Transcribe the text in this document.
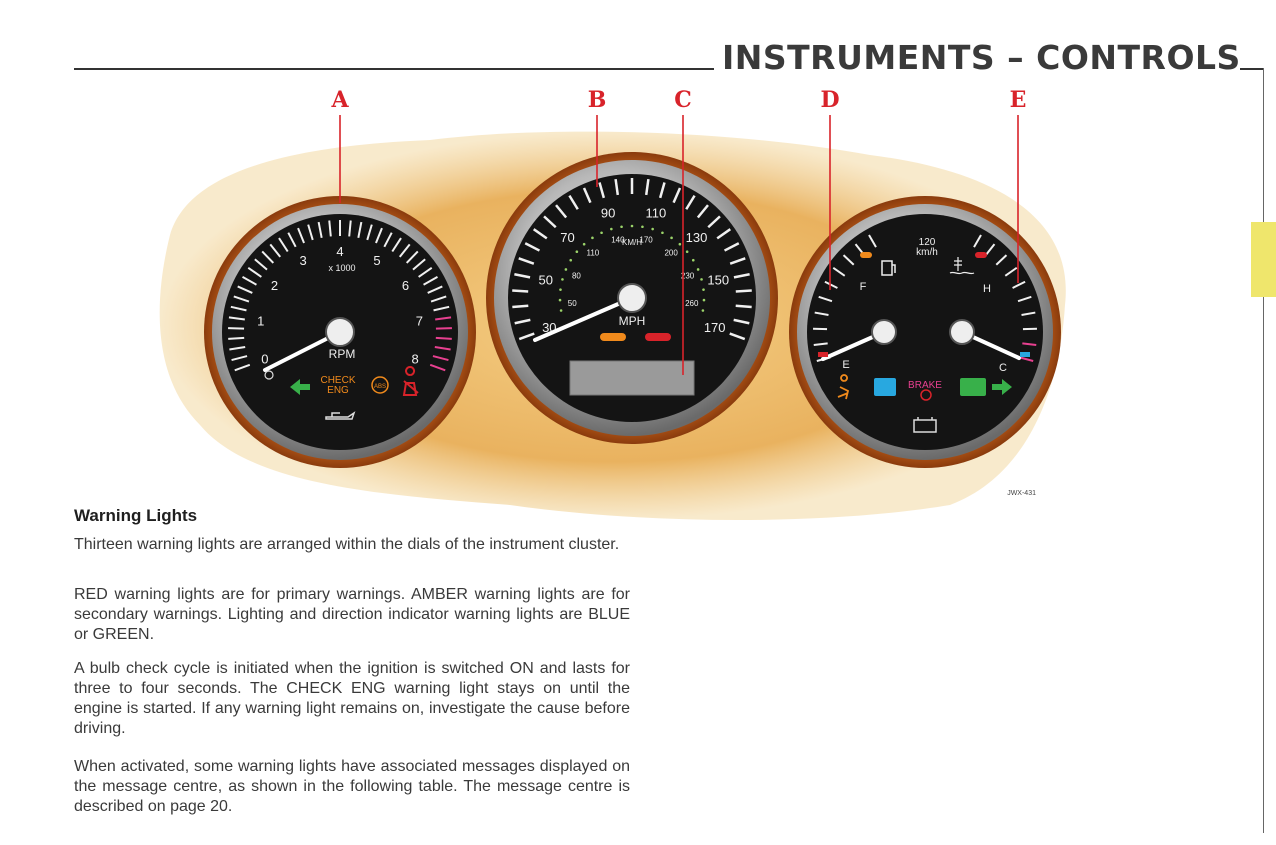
INSTRUMENTS – CONTROLS
0
1
2
3
4
5
6
7
8
x 1000
RPM
CHECK
ENG	ABS
30
50
70
90 110
130
150
170
50
80
110
140 170
200
230
260
KM/H
MPH
F
E
H
C
120
km/h
BRAKE
A	B	C	D	E
JWX-431
Warning Lights
Thirteen warning lights are arranged within the dials of the instrument cluster.
RED warning lights are for primary warnings. AMBER warning lights are for secondary warnings. Lighting and direction indicator warning lights are BLUE or GREEN.
A bulb check cycle is initiated when the ignition is switched ON and lasts for three to four seconds. The CHECK ENG warning light stays on until the engine is started. If any warning light remains on, investigate the cause before driving.
When activated, some warning lights have associated messages displayed on the message centre, as shown in the following table. The message centre is described on page 20.
